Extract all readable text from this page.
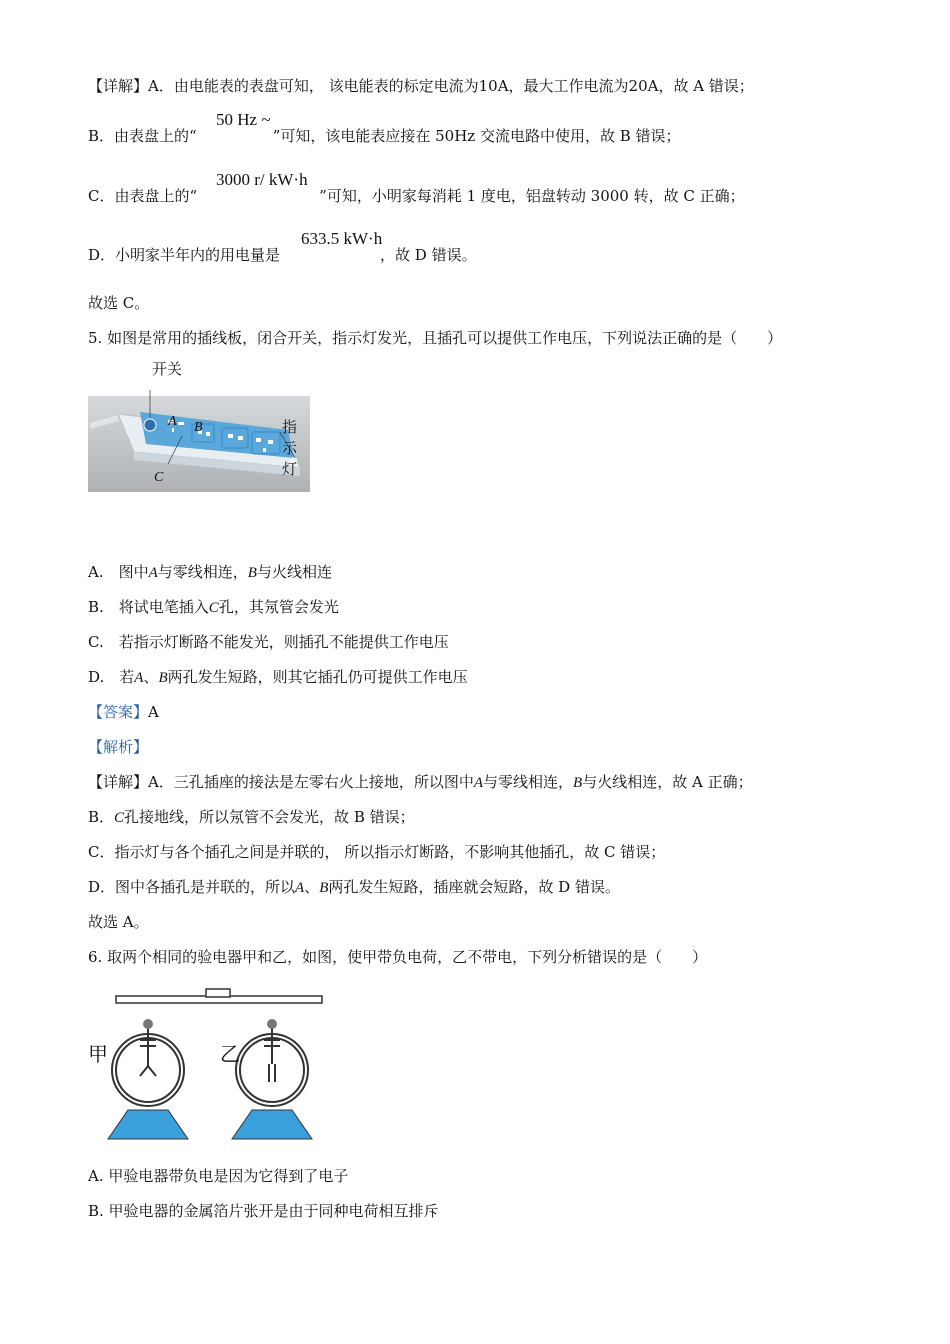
【详解】A．由电能表的表盘可知， 该电能表的标定电流为10A，最大工作电流为20A，故 A 错误；
B．由表盘上的“	”可知，该电能表应接在 50Hz 交流电路中使用，故 B 错误；
50 Hz ~
C．由表盘上的“	”可知，小明家每消耗 1 度电，铝盘转动 3000 转，故 C 正确；
3000 r/ kW·h
D．小明家半年内的用电量是	，故 D 错误。
633.5 kW·h
故选 C。
5. 如图是常用的插线板，闭合开关，指示灯发光，且插孔可以提供工作电压，下列说法正确的是（　　）
开关
指示灯
A B
C
A.　图中A与零线相连，B与火线相连
B.　将试电笔插入C孔，其氖管会发光
C.　若指示灯断路不能发光，则插孔不能提供工作电压
D.　若A、B两孔发生短路，则其它插孔仍可提供工作电压
【答案】A
【解析】
【详解】A．三孔插座的接法是左零右火上接地，所以图中A与零线相连，B与火线相连，故 A 正确；
B．C孔接地线，所以氖管不会发光，故 B 错误；
C．指示灯与各个插孔之间是并联的， 所以指示灯断路，不影响其他插孔，故 C 错误；
D．图中各插孔是并联的，所以A、B两孔发生短路，插座就会短路，故 D 错误。
故选 A。
6. 取两个相同的验电器甲和乙，如图，使甲带负电荷，乙不带电，下列分析错误的是（　　）
甲	乙
A. 甲验电器带负电是因为它得到了电子
B. 甲验电器的金属箔片张开是由于同种电荷相互排斥
